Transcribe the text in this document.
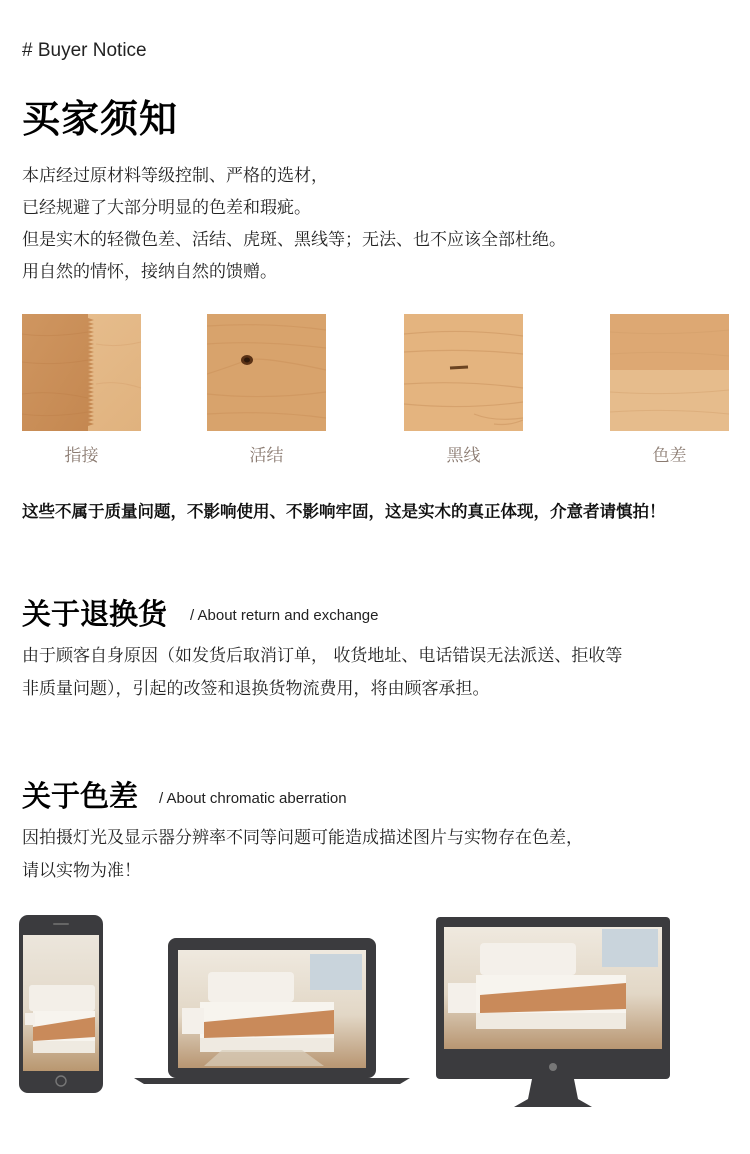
# Buyer Notice
买家须知

本店经过原材料等级控制、严格的选材，

已经规避了大部分明显的色差和瑕疵。

但是实木的轻微色差、活结、虎斑、黑线等；无法、也不应该全部杜绝。

用自然的情怀，接纳自然的馈赠。

指接	活结	黑线	色差
这些不属于质量问题，不影响使用、不影响牢固，这是实木的真正体现，介意者请慎拍！
关于退换货 / About return and exchange

由于顾客自身原因（如发货后取消订单， 收货地址、电话错误无法派送、拒收等

非质量问题），引起的改签和退换货物流费用，将由顾客承担。

关于色差 / About chromatic aberration

因拍摄灯光及显示器分辨率不同等问题可能造成描述图片与实物存在色差，

请以实物为准！
